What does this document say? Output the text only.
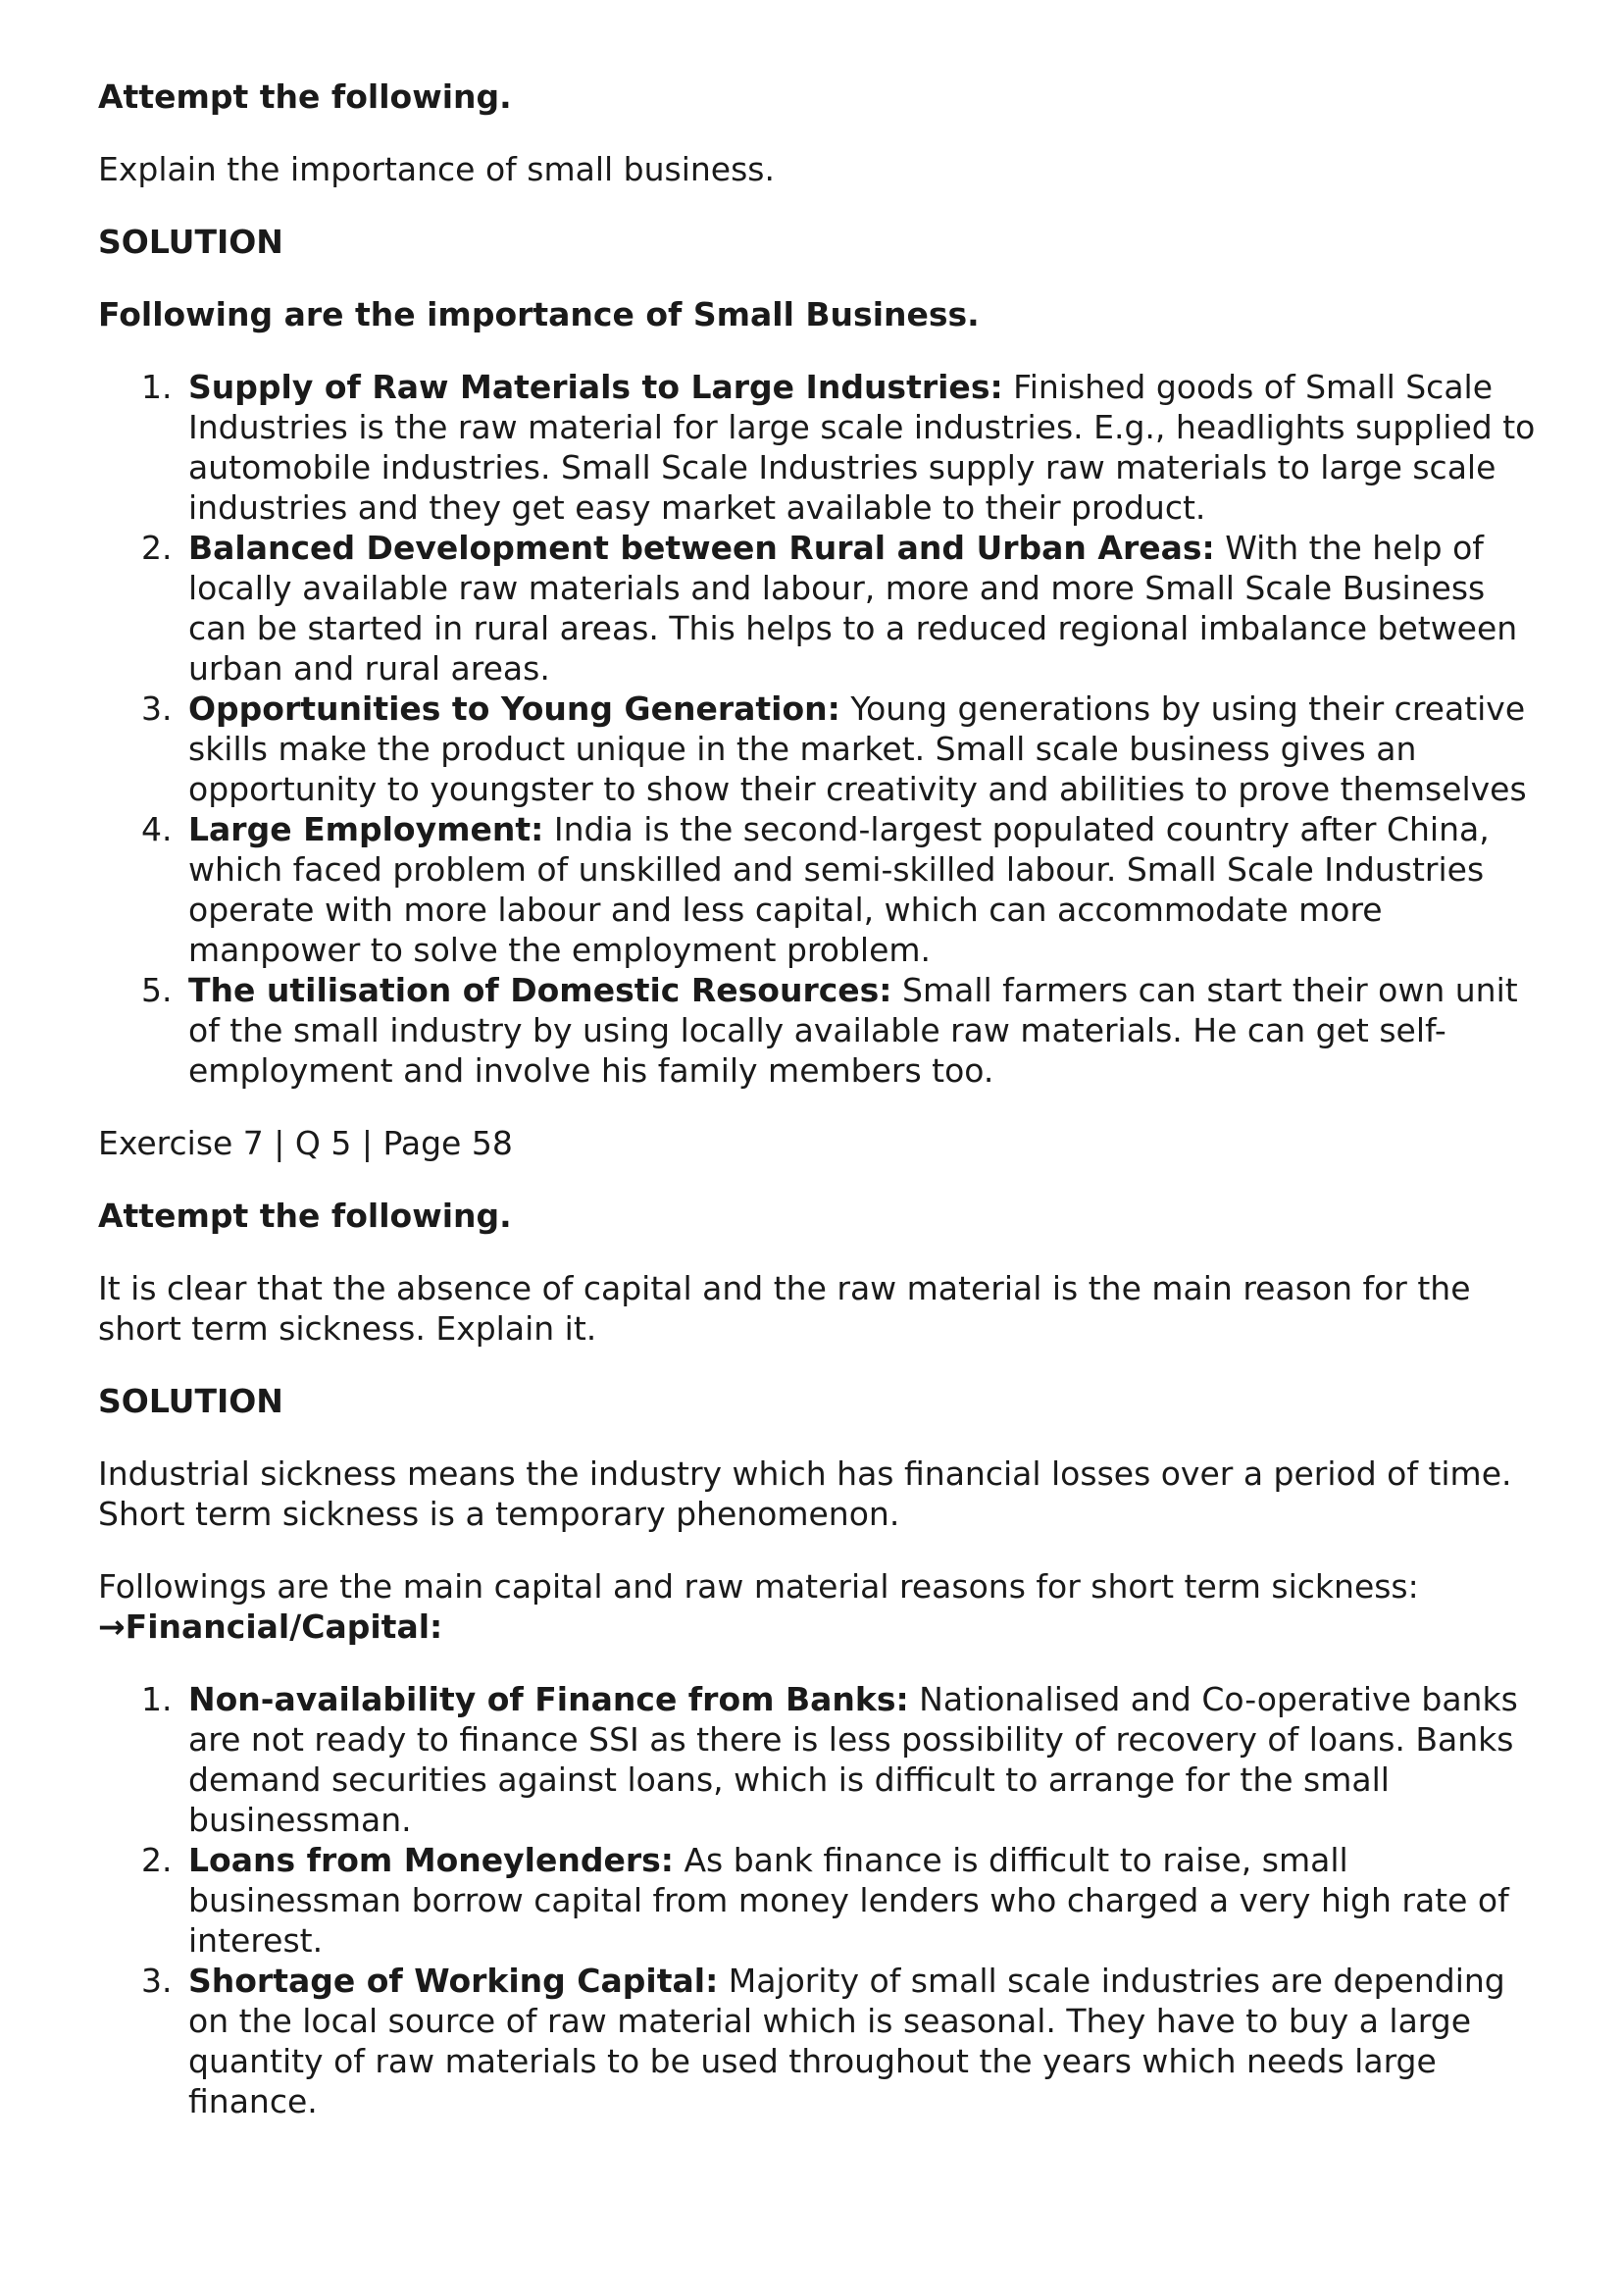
Attempt the following.

Explain the importance of small business.

SOLUTION

Following are the importance of Small Business.

1. Supply of Raw Materials to Large Industries: Finished goods of Small Scale Industries is the raw material for large scale industries. E.g., headlights supplied to automobile industries. Small Scale Industries supply raw materials to large scale industries and they get easy market available to their product.
2. Balanced Development between Rural and Urban Areas: With the help of locally available raw materials and labour, more and more Small Scale Business can be started in rural areas. This helps to a reduced regional imbalance between urban and rural areas.
3. Opportunities to Young Generation: Young generations by using their creative skills make the product unique in the market. Small scale business gives an opportunity to youngster to show their creativity and abilities to prove themselves
4. Large Employment: India is the second-largest populated country after China, which faced problem of unskilled and semi-skilled labour. Small Scale Industries operate with more labour and less capital, which can accommodate more manpower to solve the employment problem.
5. The utilisation of Domestic Resources: Small farmers can start their own unit of the small industry by using locally available raw materials. He can get self-employment and involve his family members too.

Exercise 7 | Q 5 | Page 58

Attempt the following.

It is clear that the absence of capital and the raw material is the main reason for the short term sickness. Explain it.

SOLUTION

Industrial sickness means the industry which has financial losses over a period of time. Short term sickness is a temporary phenomenon.

Followings are the main capital and raw material reasons for short term sickness:

→Financial/Capital:

1. Non-availability of Finance from Banks: Nationalised and Co-operative banks are not ready to finance SSI as there is less possibility of recovery of loans. Banks demand securities against loans, which is difficult to arrange for the small businessman.
2. Loans from Moneylenders: As bank finance is difficult to raise, small businessman borrow capital from money lenders who charged a very high rate of interest.
3. Shortage of Working Capital: Majority of small scale industries are depending on the local source of raw material which is seasonal. They have to buy a large quantity of raw materials to be used throughout the years which needs large finance.
